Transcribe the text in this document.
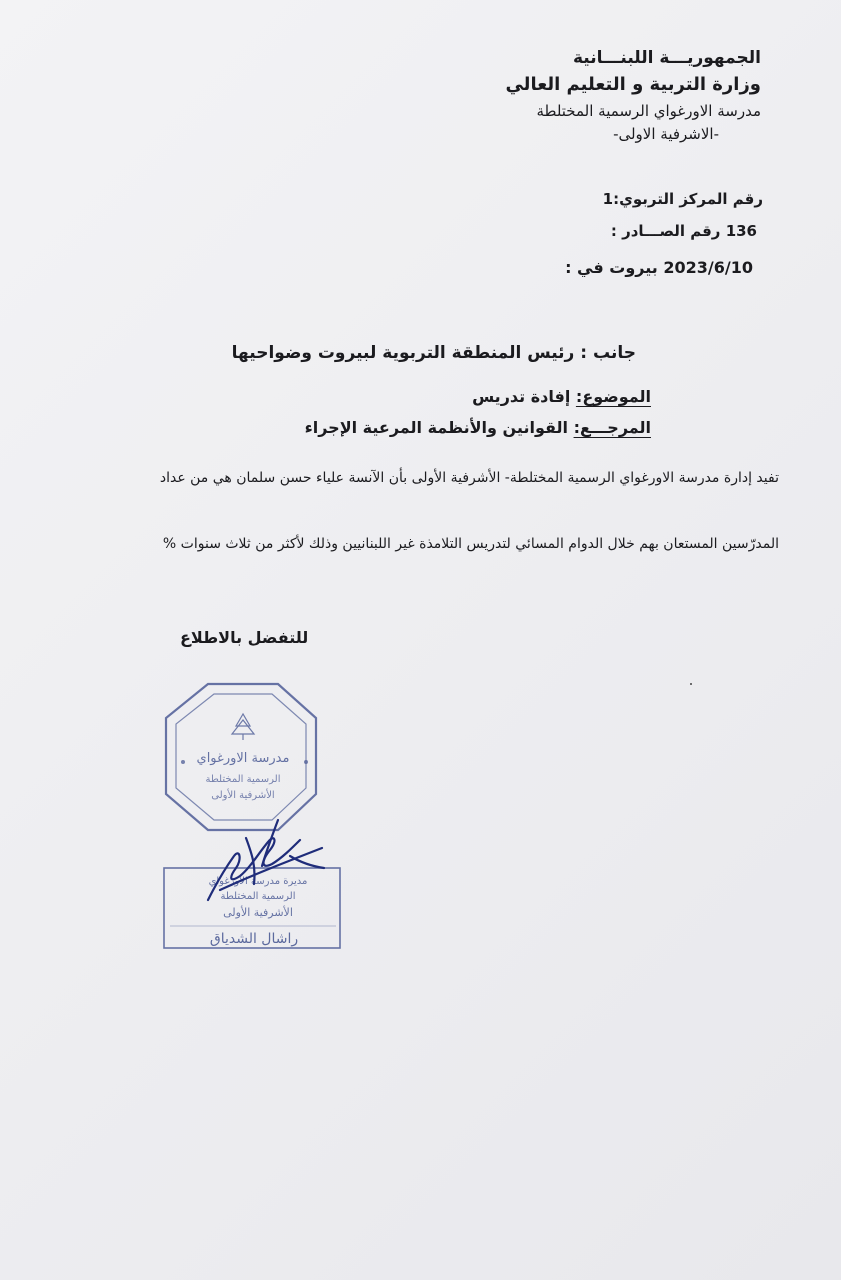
الجمهوريـــة اللبنـــانية
وزارة التربية و التعليم العالي
مدرسة الاورغواي الرسمية المختلطة
-الاشرفية الاولى-
رقم المركز التربوي:1
رقم الصـــادر : 136
بيروت في : 2023/6/10
جانب : رئيس المنطقة التربوية لبيروت وضواحيها
الموضوع: إفادة تدريس
المرجـــع: القوانين والأنظمة المرعية الإجراء
تفيد إدارة مدرسة الاورغواي الرسمية المختلطة- الأشرفية الأولى بأن الآنسة علياء حسن سلمان هي من عداد
المدرّسين المستعان بهم خلال الدوام المسائي لتدريس التلامذة غير اللبنانيين وذلك لأكثر من ثلاث سنوات %
للتفضل بالاطلاع
مدرسة الاورغواي
الرسمية المختلطة
الأشرفية الأولى
مديرة مدرسة الاورغواي
الرسمية المختلطة
الأشرفية الأولى
راشال الشدياق
